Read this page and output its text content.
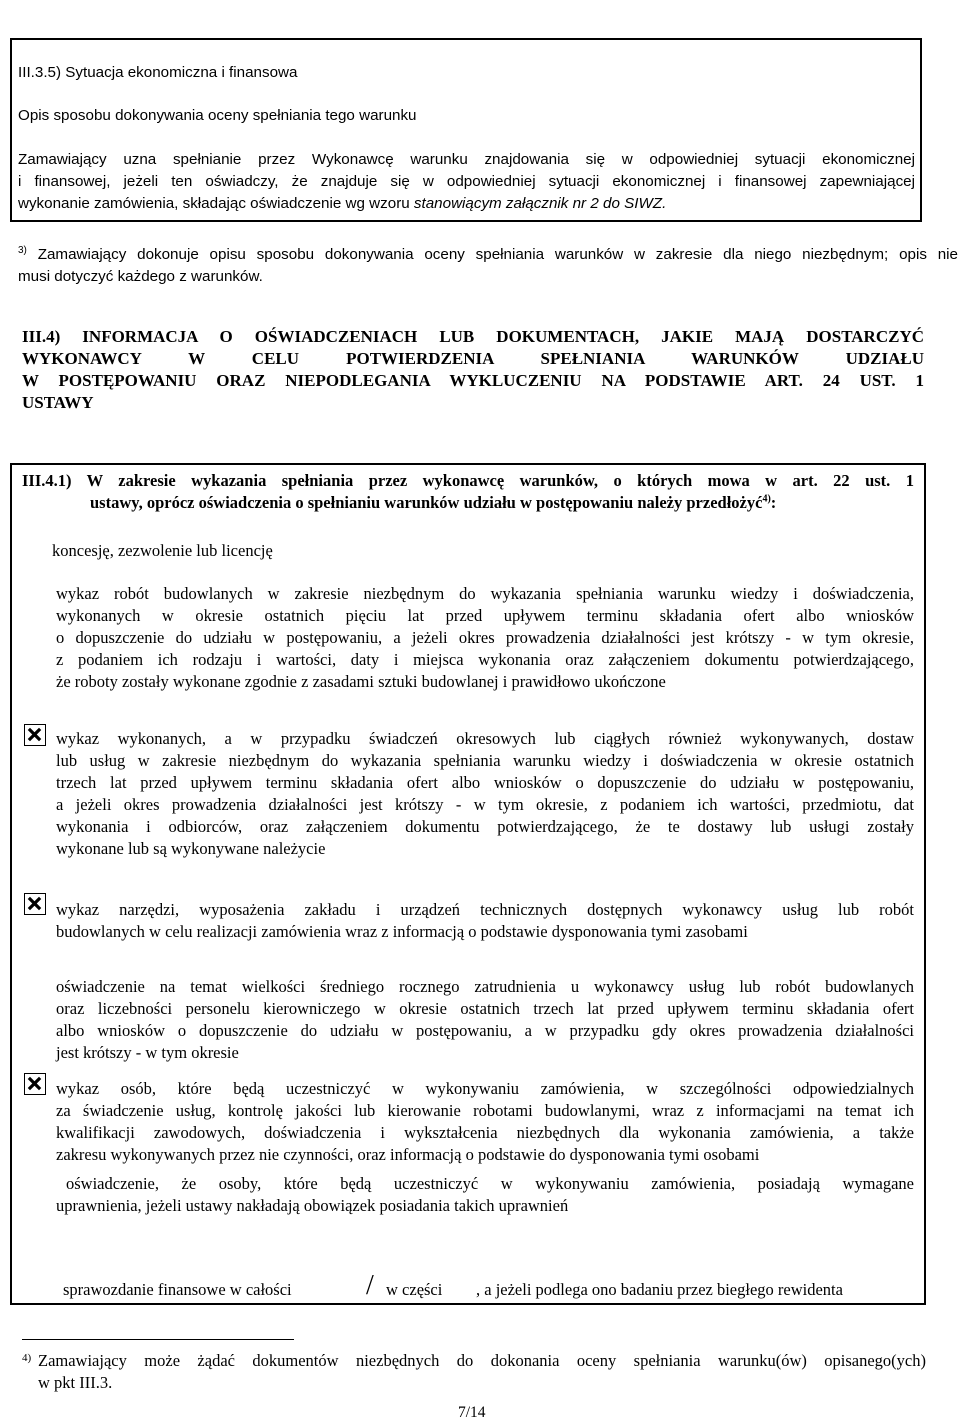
III.3.5) Sytuacja ekonomiczna i finansowa
Opis sposobu dokonywania oceny spełniania tego warunku

Zamawiający uzna spełnianie przez Wykonawcę warunku znajdowania się w odpowiedniej sytuacji ekonomicznej

i finansowej, jeżeli ten oświadczy, że znajduje się w odpowiedniej sytuacji ekonomicznej i finansowej zapewniającej

wykonanie zamówienia, składając oświadczenie wg wzoru stanowiącym załącznik nr 2 do SIWZ.

$^{3)}$ Zamawiający dokonuje opisu sposobu dokonywania oceny spełniania warunków w zakresie dla niego niezbędnym; opis nie

musi dotyczyć każdego z warunków.

III.4) INFORMACJA O OŚWIADCZENIACH LUB DOKUMENTACH, JAKIE MAJĄ DOSTARCZYĆ

WYKONAWCY W CELU POTWIERDZENIA SPEŁNIANIA WARUNKÓW UDZIAŁU

W POSTĘPOWANIU ORAZ NIEPODLEGANIA WYKLUCZENIU NA PODSTAWIE ART. 24 UST. 1

USTAWY

III.4.1) W zakresie wykazania spełniania przez wykonawcę warunków, o których mowa w art. 22 ust. 1

ustawy, oprócz oświadczenia o spełnianiu warunków udziału w postępowaniu należy przedłożyć$^{4)}$:

koncesję, zezwolenie lub licencję

wykaz robót budowlanych w zakresie niezbędnym do wykazania spełniania warunku wiedzy i doświadczenia,

wykonanych w okresie ostatnich pięciu lat przed upływem terminu składania ofert albo wniosków

o dopuszczenie do udziału w postępowaniu, a jeżeli okres prowadzenia działalności jest krótszy - w tym okresie,

z podaniem ich rodzaju i wartości, daty i miejsca wykonania oraz załączeniem dokumentu potwierdzającego,

że roboty zostały wykonane zgodnie z zasadami sztuki budowlanej i prawidłowo ukończone

wykaz wykonanych, a w przypadku świadczeń okresowych lub ciągłych również wykonywanych, dostaw

lub usług w zakresie niezbędnym do wykazania spełniania warunku wiedzy i doświadczenia w okresie ostatnich

trzech lat przed upływem terminu składania ofert albo wniosków o dopuszczenie do udziału w postępowaniu,

a jeżeli okres prowadzenia działalności jest krótszy - w tym okresie, z podaniem ich wartości, przedmiotu, dat

wykonania i odbiorców, oraz załączeniem dokumentu potwierdzającego, że te dostawy lub usługi zostały

wykonane lub są wykonywane należycie

wykaz narzędzi, wyposażenia zakładu i urządzeń technicznych dostępnych wykonawcy usług lub robót

budowlanych w celu realizacji zamówienia wraz z informacją o podstawie dysponowania tymi zasobami

oświadczenie na temat wielkości średniego rocznego zatrudnienia u wykonawcy usług lub robót budowlanych

oraz liczebności personelu kierowniczego w okresie ostatnich trzech lat przed upływem terminu składania ofert

albo wniosków o dopuszczenie do udziału w postępowaniu, a w przypadku gdy okres prowadzenia działalności

jest krótszy - w tym okresie

wykaz osób, które będą uczestniczyć w wykonywaniu zamówienia, w szczególności odpowiedzialnych

za świadczenie usług, kontrolę jakości lub kierowanie robotami budowlanymi, wraz z informacjami na temat ich

kwalifikacji zawodowych, doświadczenia i wykształcenia niezbędnych dla wykonania zamówienia, a także

zakresu wykonywanych przez nie czynności, oraz informacją o podstawie do dysponowania tymi osobami

oświadczenie, że osoby, które będą uczestniczyć w wykonywaniu zamówienia, posiadają wymagane

uprawnienia, jeżeli ustawy nakładają obowiązek posiadania takich uprawnień

sprawozdanie finansowe w całości	/ w części , a jeżeli podlega ono badaniu przez biegłego rewidenta
4) Zamawiający może żądać dokumentów niezbędnych do dokonania oceny spełniania warunku(ów) opisanego(ych)

w pkt III.3.

7/14
